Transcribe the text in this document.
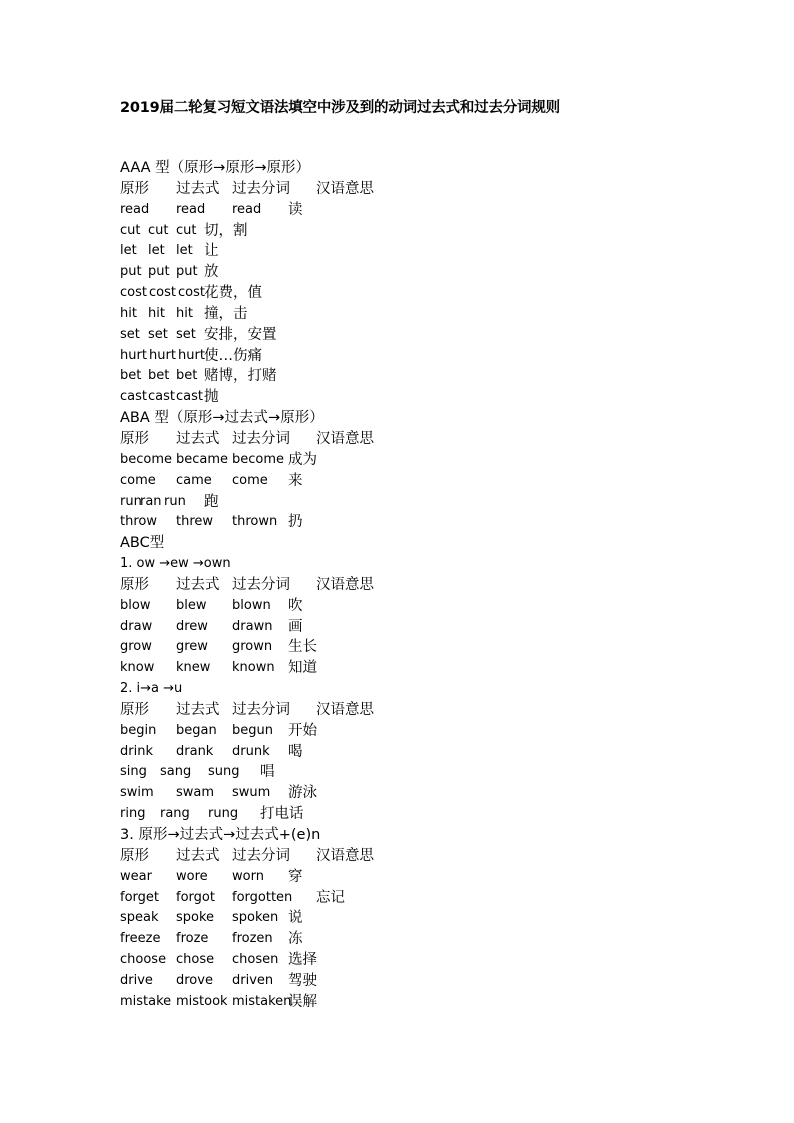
2019届二轮复习短文语法填空中涉及到的动词过去式和过去分词规则
AAA 型（原形→原形→原形）
原形 过去式 过去分词 汉语意思
read read read 读
cut cut cut 切，割
let let let 让
put put put 放
cost cost cost 花费，值
hit hit hit 撞，击
set set set 安排，安置
hurt hurt hurt 使…伤痛
bet bet bet 赌博，打赌
cast cast cast 抛
ABA 型（原形→过去式→原形）
原形 过去式 过去分词 汉语意思
become became become 成为
come came come 来
run
ran run 跑
throw threw thrown 扔
ABC型
1. ow →ew →own
原形 过去式 过去分词 汉语意思
blow blew blown 吹
draw drew drawn 画
grow grew grown 生长
know knew known 知道
2. i→a →u
原形 过去式 过去分词 汉语意思
begin began begun 开始
drink drank drunk 喝
sing sang sung 唱
swim swam swum 游泳
ring rang rung 打电话
3. 原形→过去式→过去式+(e)n
原形 过去式 过去分词 汉语意思
wear wore worn 穿
forget forgot forgotten 忘记
speak spoke spoken 说
freeze froze frozen 冻
choose chose chosen 选择
drive drove driven 驾驶
mistake mistook mistaken
误解
